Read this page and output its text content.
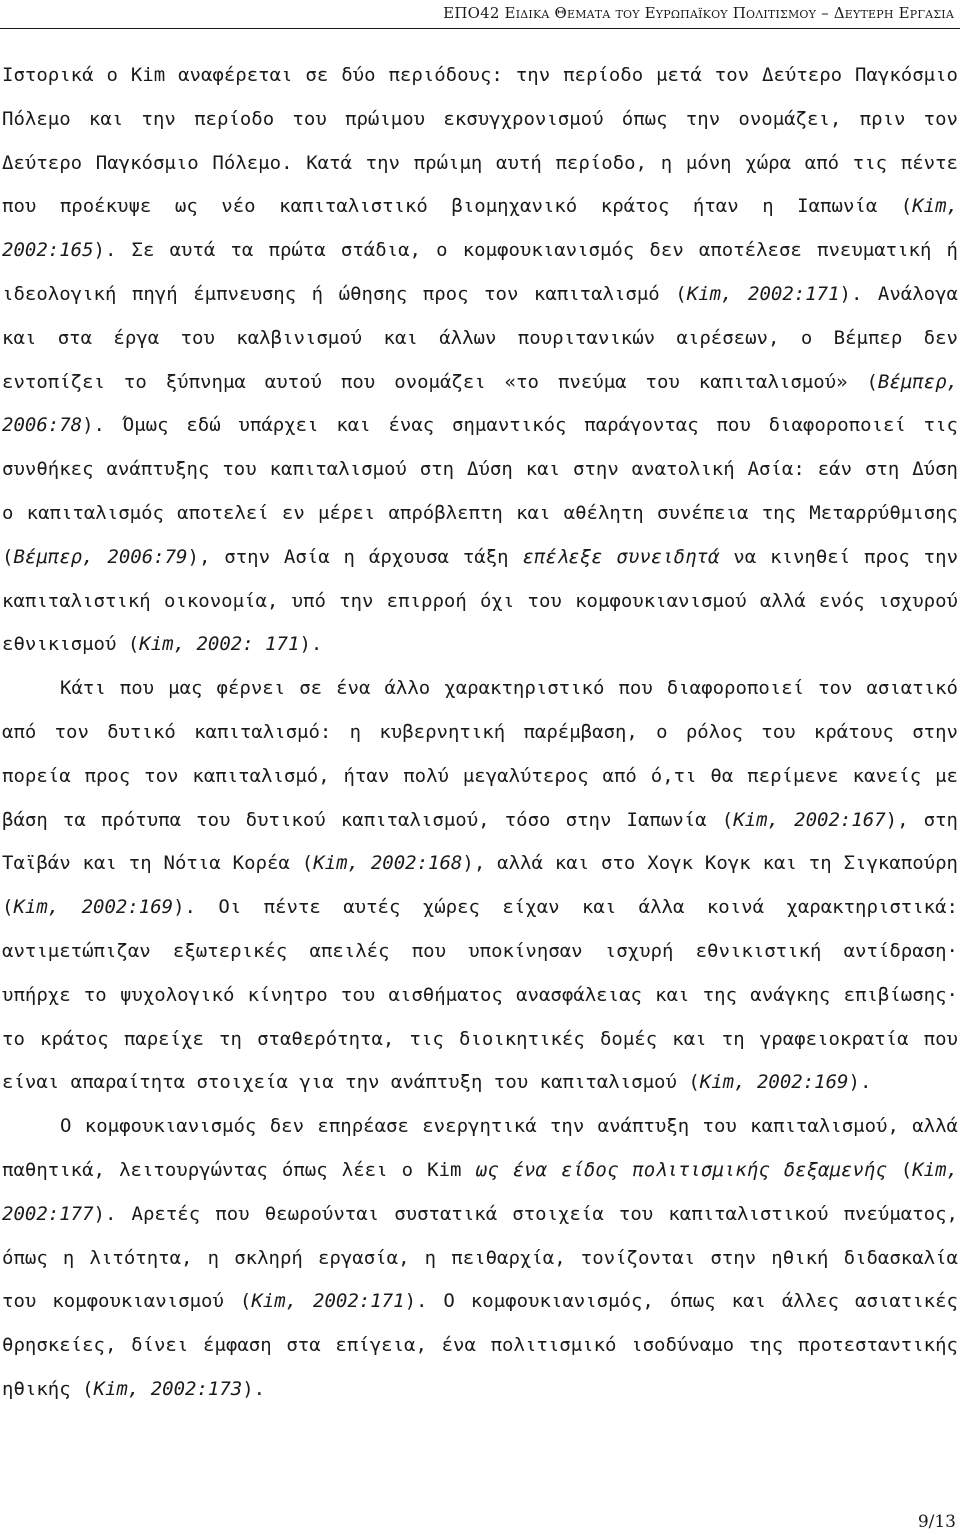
ΕΠΟ42 Ειδικα Θεματα του Ευρωπαϊκου Πολιτισμου – Δευτερη Εργασια

Ιστορικά ο Kim αναφέρεται σε δύο περιόδους: την περίοδο μετά τον Δεύτερο Παγκόσμιο Πόλεμο και την περίοδο του πρώιμου εκσυγχρονισμού όπως την ονομάζει, πριν τον Δεύτερο Παγκόσμιο Πόλεμο. Κατά την πρώιμη αυτή περίοδο, η μόνη χώρα από τις πέντε που προέκυψε ως νέο καπιταλιστικό βιομηχανικό κράτος ήταν η Ιαπωνία (Kim, 2002:165). Σε αυτά τα πρώτα στάδια, ο κομφουκιανισμός δεν αποτέλεσε πνευματική ή ιδεολογική πηγή έμπνευσης ή ώθησης προς τον καπιταλισμό (Kim, 2002:171). Ανάλογα και στα έργα του καλβινισμού και άλλων πουριτανικών αιρέσεων, ο Βέμπερ δεν εντοπίζει το ξύπνημα αυτού που ονομάζει «το πνεύμα του καπιταλισμού» (Βέμπερ, 2006:78). Όμως εδώ υπάρχει και ένας σημαντικός παράγοντας που διαφοροποιεί τις συνθήκες ανάπτυξης του καπιταλισμού στη Δύση και στην ανατολική Ασία: εάν στη Δύση ο καπιταλισμός αποτελεί εν μέρει απρόβλεπτη και αθέλητη συνέπεια της Μεταρρύθμισης (Βέμπερ, 2006:79), στην Ασία η άρχουσα τάξη επέλεξε συνειδητά να κινηθεί προς την καπιταλιστική οικονομία, υπό την επιρροή όχι του κομφουκιανισμού αλλά ενός ισχυρού εθνικισμού (Kim, 2002: 171).

Κάτι που μας φέρνει σε ένα άλλο χαρακτηριστικό που διαφοροποιεί τον ασιατικό από τον δυτικό καπιταλισμό: η κυβερνητική παρέμβαση, ο ρόλος του κράτους στην πορεία προς τον καπιταλισμό, ήταν πολύ μεγαλύτερος από ό,τι θα περίμενε κανείς με βάση τα πρότυπα του δυτικού καπιταλισμού, τόσο στην Ιαπωνία (Kim, 2002:167), στη Ταϊβάν και τη Νότια Κορέα (Kim, 2002:168), αλλά και στο Χογκ Κογκ και τη Σιγκαπούρη (Kim, 2002:169). Οι πέντε αυτές χώρες είχαν και άλλα κοινά χαρακτηριστικά: αντιμετώπιζαν εξωτερικές απειλές που υποκίνησαν ισχυρή εθνικιστική αντίδραση· υπήρχε το ψυχολογικό κίνητρο του αισθήματος ανασφάλειας και της ανάγκης επιβίωσης· το κράτος παρείχε τη σταθερότητα, τις διοικητικές δομές και τη γραφειοκρατία που είναι απαραίτητα στοιχεία για την ανάπτυξη του καπιταλισμού (Kim, 2002:169).

Ο κομφουκιανισμός δεν επηρέασε ενεργητικά την ανάπτυξη του καπιταλισμού, αλλά παθητικά, λειτουργώντας όπως λέει ο Kim ως ένα είδος πολιτισμικής δεξαμενής (Kim, 2002:177). Αρετές που θεωρούνται συστατικά στοιχεία του καπιταλιστικού πνεύματος, όπως η λιτότητα, η σκληρή εργασία, η πειθαρχία, τονίζονται στην ηθική διδασκαλία του κομφουκιανισμού (Kim, 2002:171). Ο κομφουκιανισμός, όπως και άλλες ασιατικές θρησκείες, δίνει έμφαση στα επίγεια, ένα πολιτισμικό ισοδύναμο της προτεσταντικής ηθικής (Kim, 2002:173).

9/13
